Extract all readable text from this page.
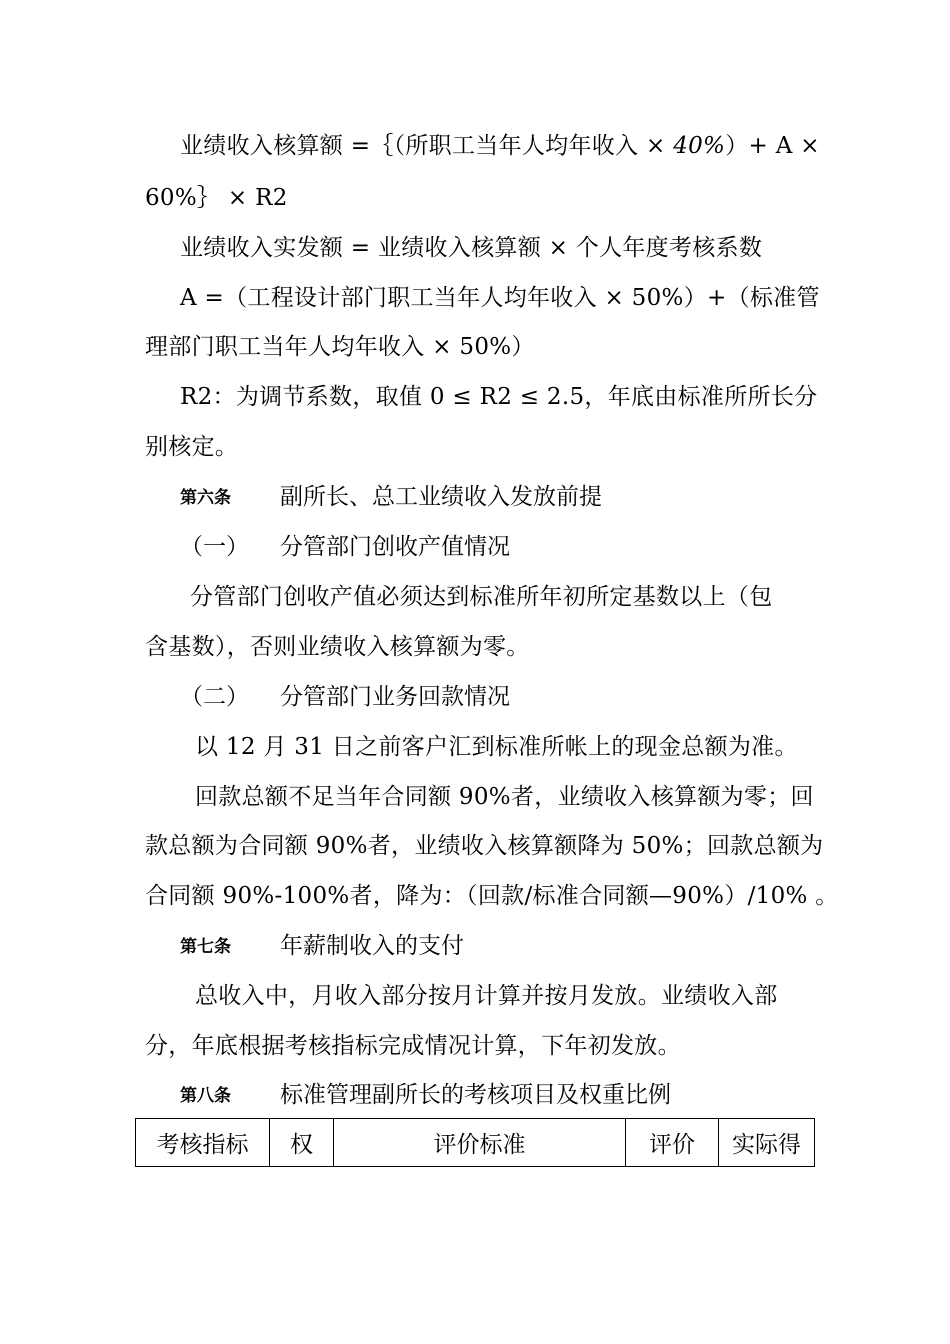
业绩收入核算额 =｛（所职工当年人均年收入 × 40%）+ A ×
60%｝ × R2
业绩收入实发额 = 业绩收入核算额 × 个人年度考核系数
A =（工程设计部门职工当年人均年收入 × 50%）+（标准管
理部门职工当年人均年收入 × 50%）
R2：为调节系数，取值 0 ≤ R2 ≤ 2.5，年底由标准所所长分
别核定。
第六条 副所长、总工业绩收入发放前提
（一） 分管部门创收产值情况
分管部门创收产值必须达到标准所年初所定基数以上（包
含基数），否则业绩收入核算额为零。
（二） 分管部门业务回款情况
以 12 月 31 日之前客户汇到标准所帐上的现金总额为准。
回款总额不足当年合同额 90%者，业绩收入核算额为零；回
款总额为合同额 90%者，业绩收入核算额降为 50%；回款总额为
合同额 90%-100%者，降为：（回款/标准合同额—90%）/10% 。
第七条 年薪制收入的支付
总收入中，月收入部分按月计算并按月发放。业绩收入部
分，年底根据考核指标完成情况计算，下年初发放。
第八条 标准管理副所长的考核项目及权重比例
考核指标	权	评价标准	评价	实际得
